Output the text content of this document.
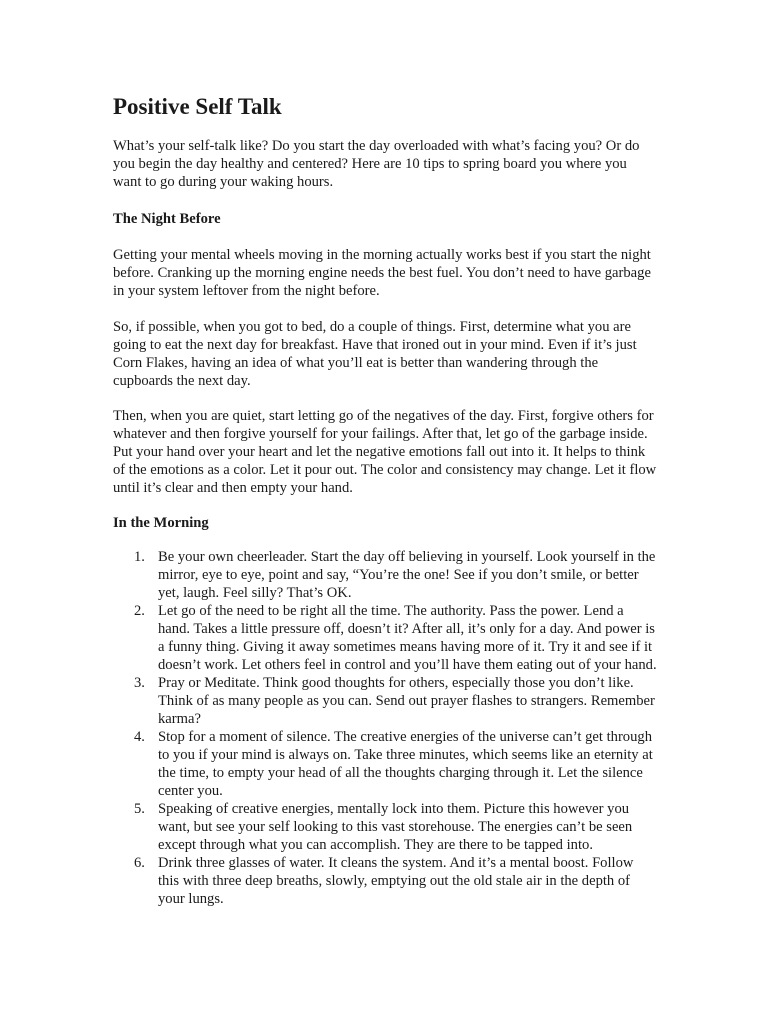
Positive Self Talk

What’s your self-talk like? Do you start the day overloaded with what’s facing you? Or do you begin the day healthy and centered? Here are 10 tips to spring board you where you want to go during your waking hours.

The Night Before

Getting your mental wheels moving in the morning actually works best if you start the night before. Cranking up the morning engine needs the best fuel. You don’t need to have garbage in your system leftover from the night before.

So, if possible, when you got to bed, do a couple of things. First, determine what you are going to eat the next day for breakfast. Have that ironed out in your mind. Even if it’s just Corn Flakes, having an idea of what you’ll eat is better than wandering through the cupboards the next day.

Then, when you are quiet, start letting go of the negatives of the day. First, forgive others for whatever and then forgive yourself for your failings. After that, let go of the garbage inside. Put your hand over your heart and let the negative emotions fall out into it. It helps to think of the emotions as a color. Let it pour out. The color and consistency may change. Let it flow until it’s clear and then empty your hand.

In the Morning

1. Be your own cheerleader. Start the day off believing in yourself. Look yourself in the mirror, eye to eye, point and say, “You’re the one! See if you don’t smile, or better yet, laugh. Feel silly? That’s OK.
2. Let go of the need to be right all the time. The authority. Pass the power. Lend a hand. Takes a little pressure off, doesn’t it? After all, it’s only for a day. And power is a funny thing. Giving it away sometimes means having more of it. Try it and see if it doesn’t work. Let others feel in control and you’ll have them eating out of your hand.
3. Pray or Meditate. Think good thoughts for others, especially those you don’t like. Think of as many people as you can. Send out prayer flashes to strangers. Remember karma?
4. Stop for a moment of silence. The creative energies of the universe can’t get through to you if your mind is always on. Take three minutes, which seems like an eternity at the time, to empty your head of all the thoughts charging through it. Let the silence center you.
5. Speaking of creative energies, mentally lock into them. Picture this however you want, but see your self looking to this vast storehouse. The energies can’t be seen except through what you can accomplish. They are there to be tapped into.
6. Drink three glasses of water. It cleans the system. And it’s a mental boost. Follow this with three deep breaths, slowly, emptying out the old stale air in the depth of your lungs.
